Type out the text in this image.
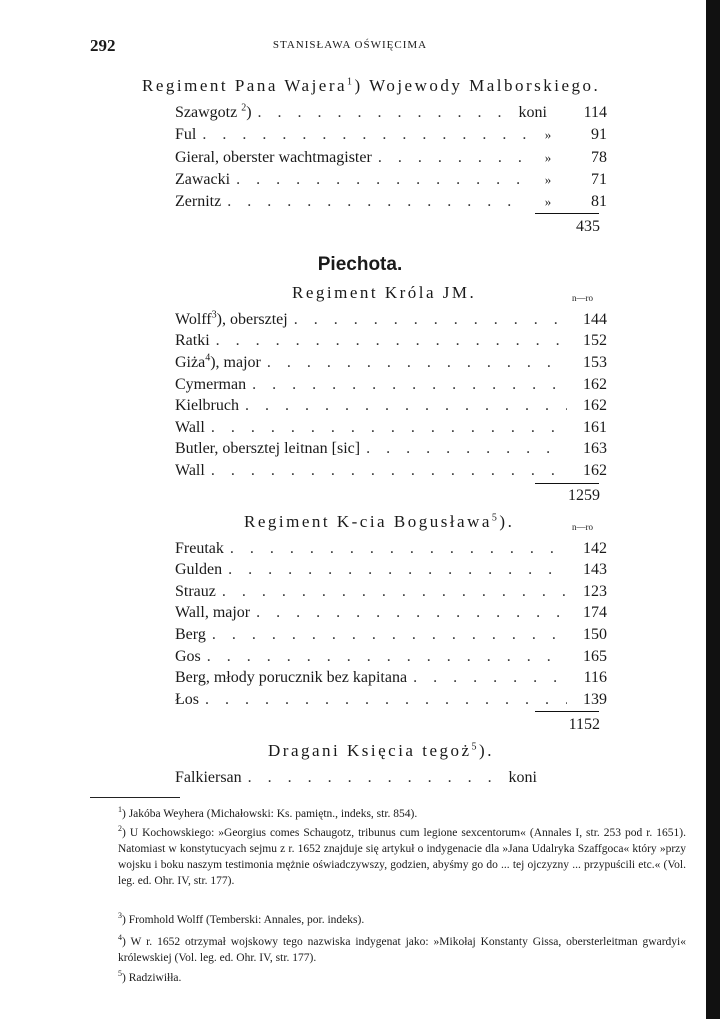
292	STANISŁAWA OŚWIĘCIMA
Regiment Pana Wajera$^1$) Wojewody Malborskiego.
Szawgotz $^2$) . . .	koni	114
Ful . . .	»	91
Gieral, oberster wachtmagister . . .	»	78
Zawacki . . .	»	71
Zernitz . . .	»	81
435
Piechota.
Regiment Króla JM.	n—ro
Wolff$^3$), obersztej . . .	144
Ratki . . .	152
Giża$^4$), major . . .	153
Cymerman . . .	162
Kielbruch . . .	162
Wall . . .	161
Butler, obersztej leitnan [sic] . . .	163
Wall . . .	162
1259
Regiment K-cia Bogusława$^5$).	n—ro
Freutak . . .	142
Gulden . . .	143
Strauz . . .	123
Wall, major . . .	174
Berg . . .	150
Gos . . .	165
Berg, młody porucznik bez kapitana . . .	116
Łos . . .	139
1152
Dragani Księcia tegoż$^5$).
Falkiersan . . .	koni
$^1$) Jakóba Weyhera (Michałowski: Ks. pamiętn., indeks, str. 854).
$^2$) U Kochowskiego: »Georgius comes Schaugotz, tribunus cum legione sexcentorum« (Annales I, str. 253 pod r. 1651). Natomiast w konstytucyach sejmu z r. 1652 znajduje się artykuł o indygenacie dla »Jana Udalryka Szaffgoca« który »przy wojsku i boku naszym testimonia mężnie oświadczywszy, godzien, abyśmy go do ... tej ojczyzny ... przypuścili etc.« (Vol. leg. ed. Ohr. IV, str. 177).
$^3$) Fromhold Wolff (Temberski: Annales, por. indeks).
$^4$) W r. 1652 otrzymał wojskowy tego nazwiska indygenat jako: »Mikołaj Konstanty Gissa, obersterleitman gwardyi« królewskiej (Vol. leg. ed. Ohr. IV, str. 177).
$^5$) Radziwiłła.
